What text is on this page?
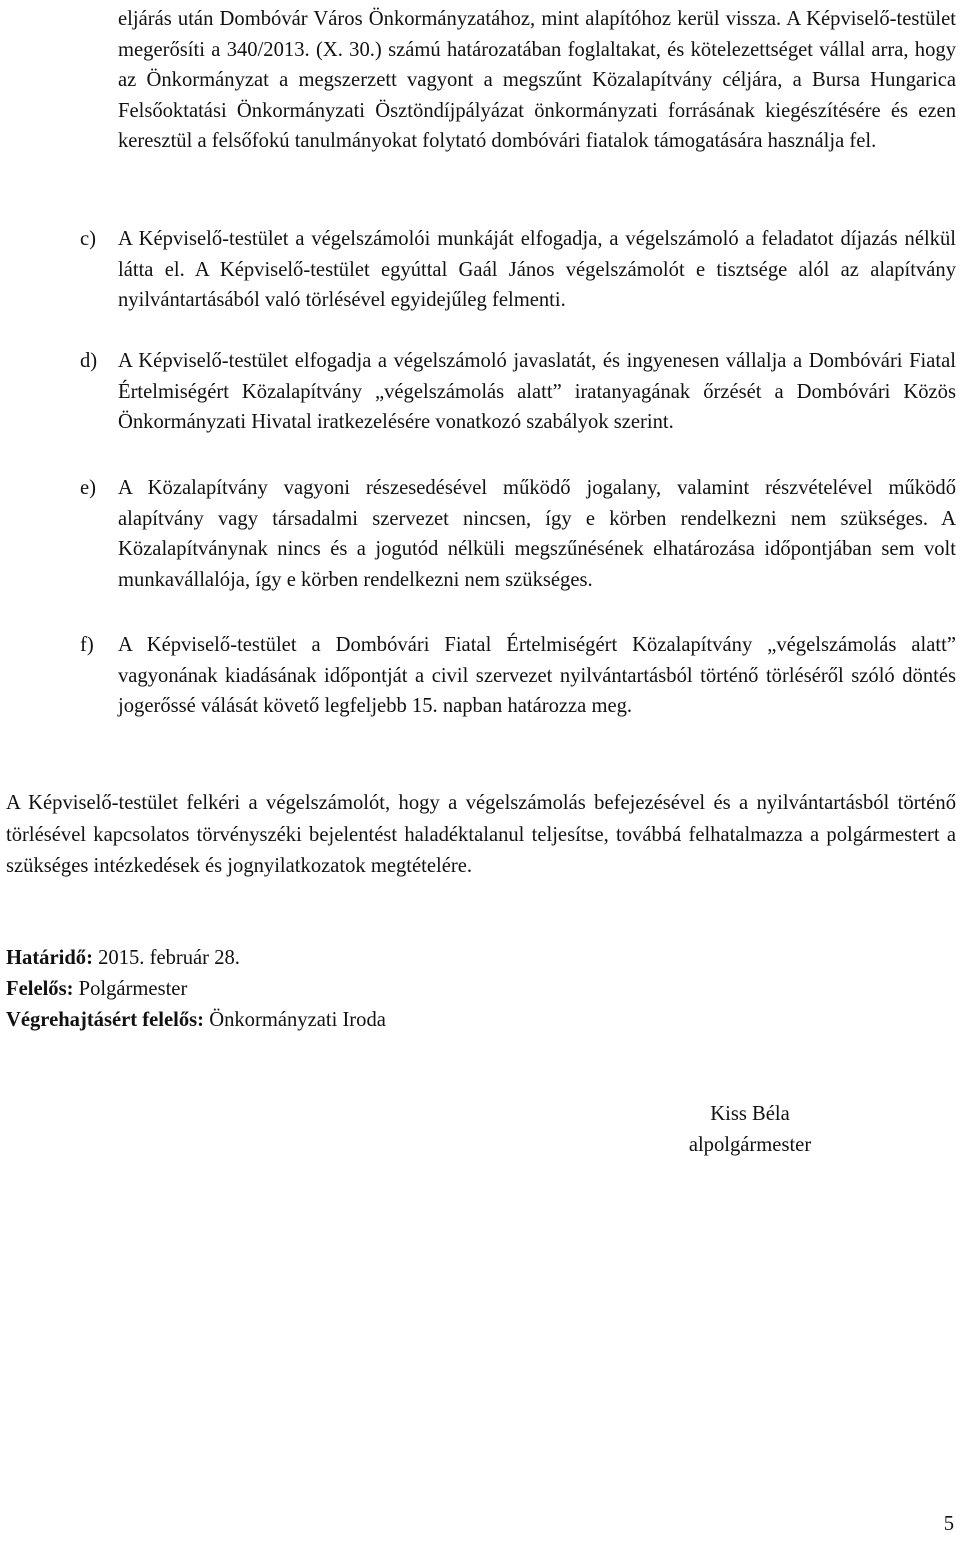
eljárás után Dombóvár Város Önkormányzatához, mint alapítóhoz kerül vissza. A Képviselő-testület megerősíti a 340/2013. (X. 30.) számú határozatában foglaltakat, és kötelezettséget vállal arra, hogy az Önkormányzat a megszerzett vagyont a megszűnt Közalapítvány céljára, a Bursa Hungarica Felsőoktatási Önkormányzati Ösztöndíjpályázat önkormányzati forrásának kiegészítésére és ezen keresztül a felsőfokú tanulmányokat folytató dombóvári fiatalok támogatására használja fel.

c)	A Képviselő-testület a végelszámolói munkáját elfogadja, a végelszámoló a feladatot díjazás nélkül látta el. A Képviselő-testület egyúttal Gaál János végelszámolót e tisztsége alól az alapítvány nyilvántartásából való törlésével egyidejűleg felmenti.
d)	A Képviselő-testület elfogadja a végelszámoló javaslatát, és ingyenesen vállalja a Dombóvári Fiatal Értelmiségért Közalapítvány „végelszámolás alatt” iratanyagának őrzését a Dombóvári Közös Önkormányzati Hivatal iratkezelésére vonatkozó szabályok szerint.
e)	A Közalapítvány vagyoni részesedésével működő jogalany, valamint részvételével működő alapítvány vagy társadalmi szervezet nincsen, így e körben rendelkezni nem szükséges. A Közalapítványnak nincs és a jogutód nélküli megszűnésének elhatározása időpontjában sem volt munkavállalója, így e körben rendelkezni nem szükséges.
f)	A Képviselő-testület a Dombóvári Fiatal Értelmiségért Közalapítvány „végelszámolás alatt” vagyonának kiadásának időpontját a civil szervezet nyilvántartásból történő törléséről szóló döntés jogerőssé válását követő legfeljebb 15. napban határozza meg.

A Képviselő-testület felkéri a végelszámolót, hogy a végelszámolás befejezésével és a nyilvántartásból történő törlésével kapcsolatos törvényszéki bejelentést haladéktalanul teljesítse, továbbá felhatalmazza a polgármestert a szükséges intézkedések és jognyilatkozatok megtételére.

Határidő: 2015. február 28.
Felelős: Polgármester
Végrehajtásért felelős: Önkormányzati Iroda
Kiss Béla
alpolgármester
5
